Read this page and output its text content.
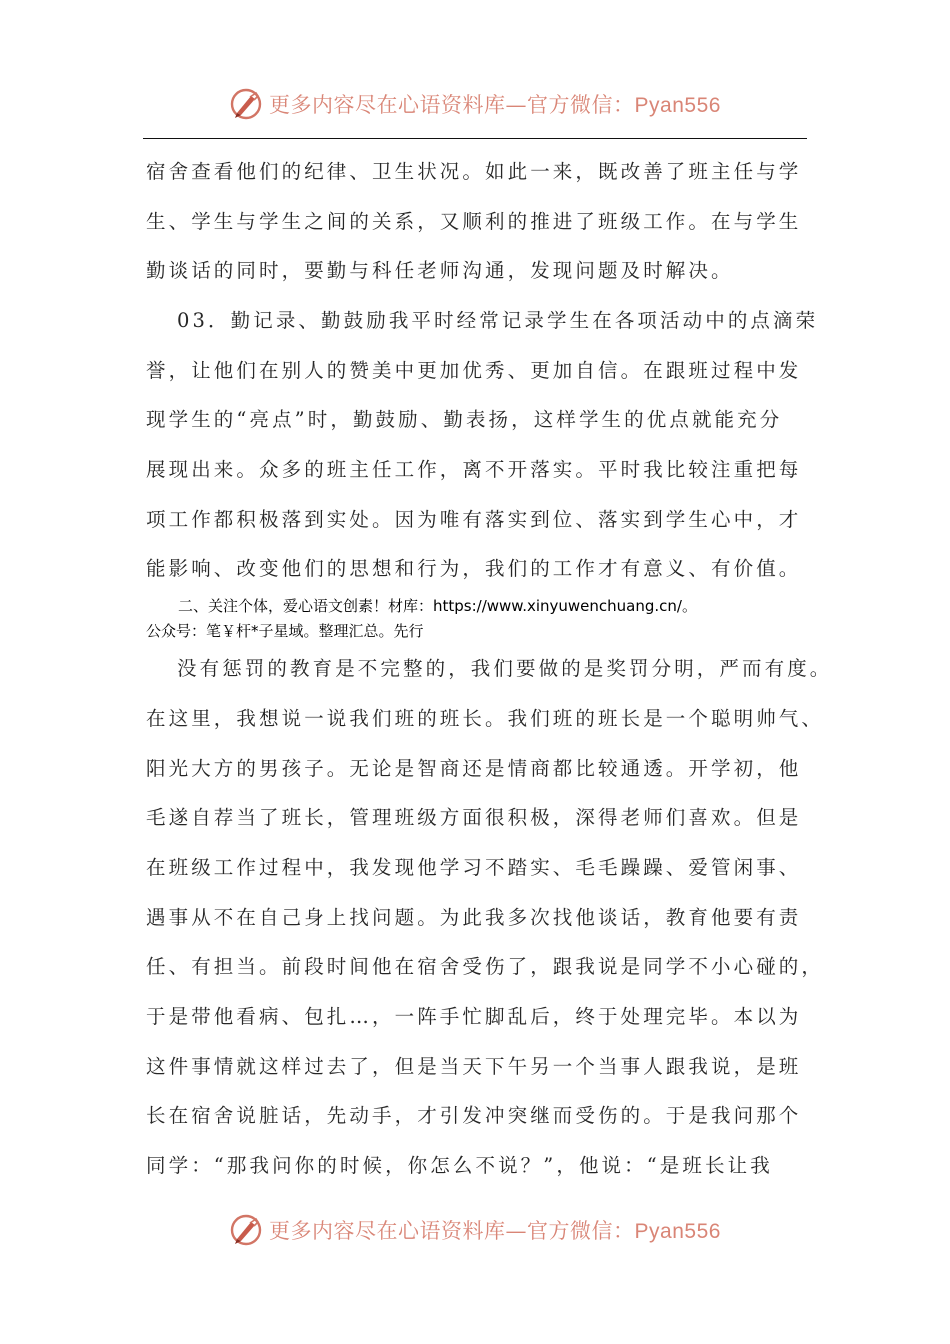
更多内容尽在心语资料库—官方微信：Pyan556
宿舍查看他们的纪律、卫生状况。如此一来，既改善了班主任与学
生、学生与学生之间的关系，又顺利的推进了班级工作。在与学生
勤谈话的同时，要勤与科任老师沟通，发现问题及时解决。
03．勤记录、勤鼓励我平时经常记录学生在各项活动中的点滴荣
誉，让他们在别人的赞美中更加优秀、更加自信。在跟班过程中发
现学生的“亮点”时，勤鼓励、勤表扬，这样学生的优点就能充分
展现出来。众多的班主任工作，离不开落实。平时我比较注重把每
项工作都积极落到实处。因为唯有落实到位、落实到学生心中，才
能影响、改变他们的思想和行为，我们的工作才有意义、有价值。
二、关注个体，爱心语文创素！材库：https://www.xinyuwenchuang.cn/。
公众号：笔￥杆*子星域。整理汇总。先行
没有惩罚的教育是不完整的，我们要做的是奖罚分明，严而有度。
在这里，我想说一说我们班的班长。我们班的班长是一个聪明帅气、
阳光大方的男孩子。无论是智商还是情商都比较通透。开学初，他
毛遂自荐当了班长，管理班级方面很积极，深得老师们喜欢。但是
在班级工作过程中，我发现他学习不踏实、毛毛躁躁、爱管闲事、
遇事从不在自己身上找问题。为此我多次找他谈话，教育他要有责
任、有担当。前段时间他在宿舍受伤了，跟我说是同学不小心碰的，
于是带他看病、包扎…，一阵手忙脚乱后，终于处理完毕。本以为
这件事情就这样过去了，但是当天下午另一个当事人跟我说，是班
长在宿舍说脏话，先动手，才引发冲突继而受伤的。于是我问那个
同学：“那我问你的时候，你怎么不说？”，他说：“是班长让我
更多内容尽在心语资料库—官方微信：Pyan556
